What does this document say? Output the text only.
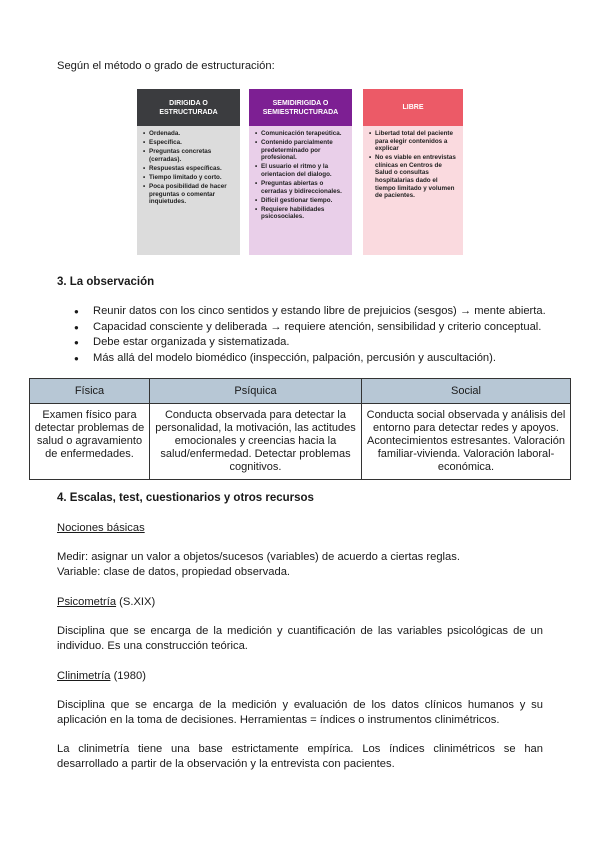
Según el método o grado de estructuración:

DIRIGIDA O ESTRUCTURADA
• Ordenada.
• Específica.
• Preguntas concretas (cerradas).
• Respuestas específicas.
• Tiempo limitado y corto.
• Poca posibilidad de hacer preguntas o comentar inquietudes.
SEMIDIRIGIDA O SEMIESTRUCTURADA
• Comunicación terapeútica.
• Contenido parcialmente predeterminado por profesional.
• El usuario el ritmo y la orientacion del dialogo.
• Preguntas abiertas o cerradas y bidireccionales.
• Difícil gestionar tiempo.
• Requiere habilidades psicosociales.
LIBRE
• Libertad total del paciente para elegir contenidos a explicar
• No es viable en entrevistas clínicas en Centros de Salud o consultas hospitalarias dado el tiempo limitado y volumen de pacientes.
3. La observación
● Reunir datos con los cinco sentidos y estando libre de prejuicios (sesgos) → mente abierta.
● Capacidad consciente y deliberada → requiere atención, sensibilidad y criterio conceptual.
● Debe estar organizada y sistematizada.
● Más allá del modelo biomédico (inspección, palpación, percusión y auscultación).
Física	Psíquica	Social
Examen físico para detectar problemas de salud o agravamiento de enfermedades.	Conducta observada para detectar la personalidad, la motivación, las actitudes emocionales y creencias hacia la salud/enfermedad. Detectar problemas cognitivos.	Conducta social observada y análisis del entorno para detectar redes y apoyos. Acontecimientos estresantes. Valoración familiar-vivienda. Valoración laboral-económica.
4. Escalas, test, cuestionarios y otros recursos

Nociones básicas

Medir: asignar un valor a objetos/sucesos (variables) de acuerdo a ciertas reglas.

Variable: clase de datos, propiedad observada.

Psicometría (S.XIX)

Disciplina que se encarga de la medición y cuantificación de las variables psicológicas de un individuo. Es una construcción teórica.

Clinimetría (1980)

Disciplina que se encarga de la medición y evaluación de los datos clínicos humanos y su aplicación en la toma de decisiones. Herramientas = índices o instrumentos clinimétricos.

La clinimetría tiene una base estrictamente empírica. Los índices clinimétricos se han desarrollado a partir de la observación y la entrevista con pacientes.
